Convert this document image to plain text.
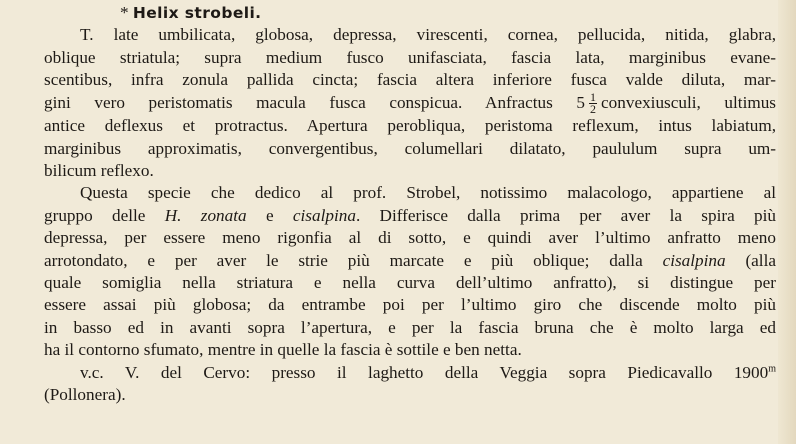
* Helix strobeli.

T. late umbilicata, globosa, depressa, virescenti, cornea, pellucida, nitida, glabra,
oblique striatula; supra medium fusco unifasciata, fascia lata, marginibus evane-
scentibus, infra zonula pallida cincta; fascia altera inferiore fusca valde diluta, mar-
gini vero peristomatis macula fusca conspicua. Anfractus $5 \frac{1}{2}$ convexiusculi, ultimus
antice deflexus et protractus. Apertura perobliqua, peristoma reflexum, intus labiatum,
marginibus approximatis, convergentibus, columellari dilatato, paululum supra um-
bilicum reflexo.

Questa specie che dedico al prof. Strobel, notissimo malacologo, appartiene al
gruppo delle H. zonata e cisalpina. Differisce dalla prima per aver la spira più
depressa, per essere meno rigonfia al di sotto, e quindi aver l’ultimo anfratto meno
arrotondato, e per aver le strie più marcate e più oblique; dalla cisalpina (alla
quale somiglia nella striatura e nella curva dell’ultimo anfratto), si distingue per
essere assai più globosa; da entrambe poi per l’ultimo giro che discende molto più
in basso ed in avanti sopra l’apertura, e per la fascia bruna che è molto larga ed
ha il contorno sfumato, mentre in quelle la fascia è sottile e ben netta.

v.c. V. del Cervo: presso il laghetto della Veggia sopra Piedicavallo 1900$^m$
(Pollonera).
